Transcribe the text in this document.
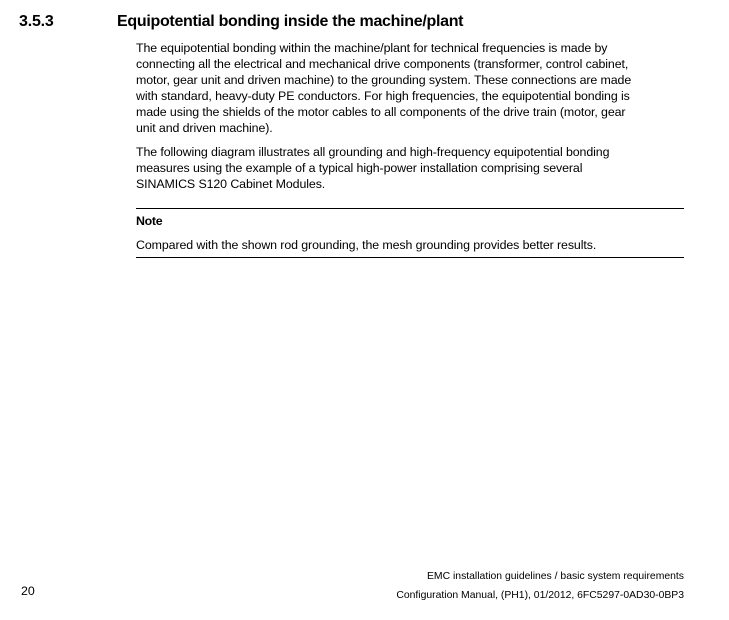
3.5.3	Equipotential bonding inside the machine/plant

The equipotential bonding within the machine/plant for technical frequencies is made by
connecting all the electrical and mechanical drive components (transformer, control cabinet,
motor, gear unit and driven machine) to the grounding system. These connections are made
with standard, heavy-duty PE conductors. For high frequencies, the equipotential bonding is
made using the shields of the motor cables to all components of the drive train (motor, gear
unit and driven machine).

The following diagram illustrates all grounding and high-frequency equipotential bonding
measures using the example of a typical high-power installation comprising several
SINAMICS S120 Cabinet Modules.

Note
Compared with the shown rod grounding, the mesh grounding provides better results.
20
EMC installation guidelines / basic system requirements
Configuration Manual, (PH1), 01/2012, 6FC5297-0AD30-0BP3
